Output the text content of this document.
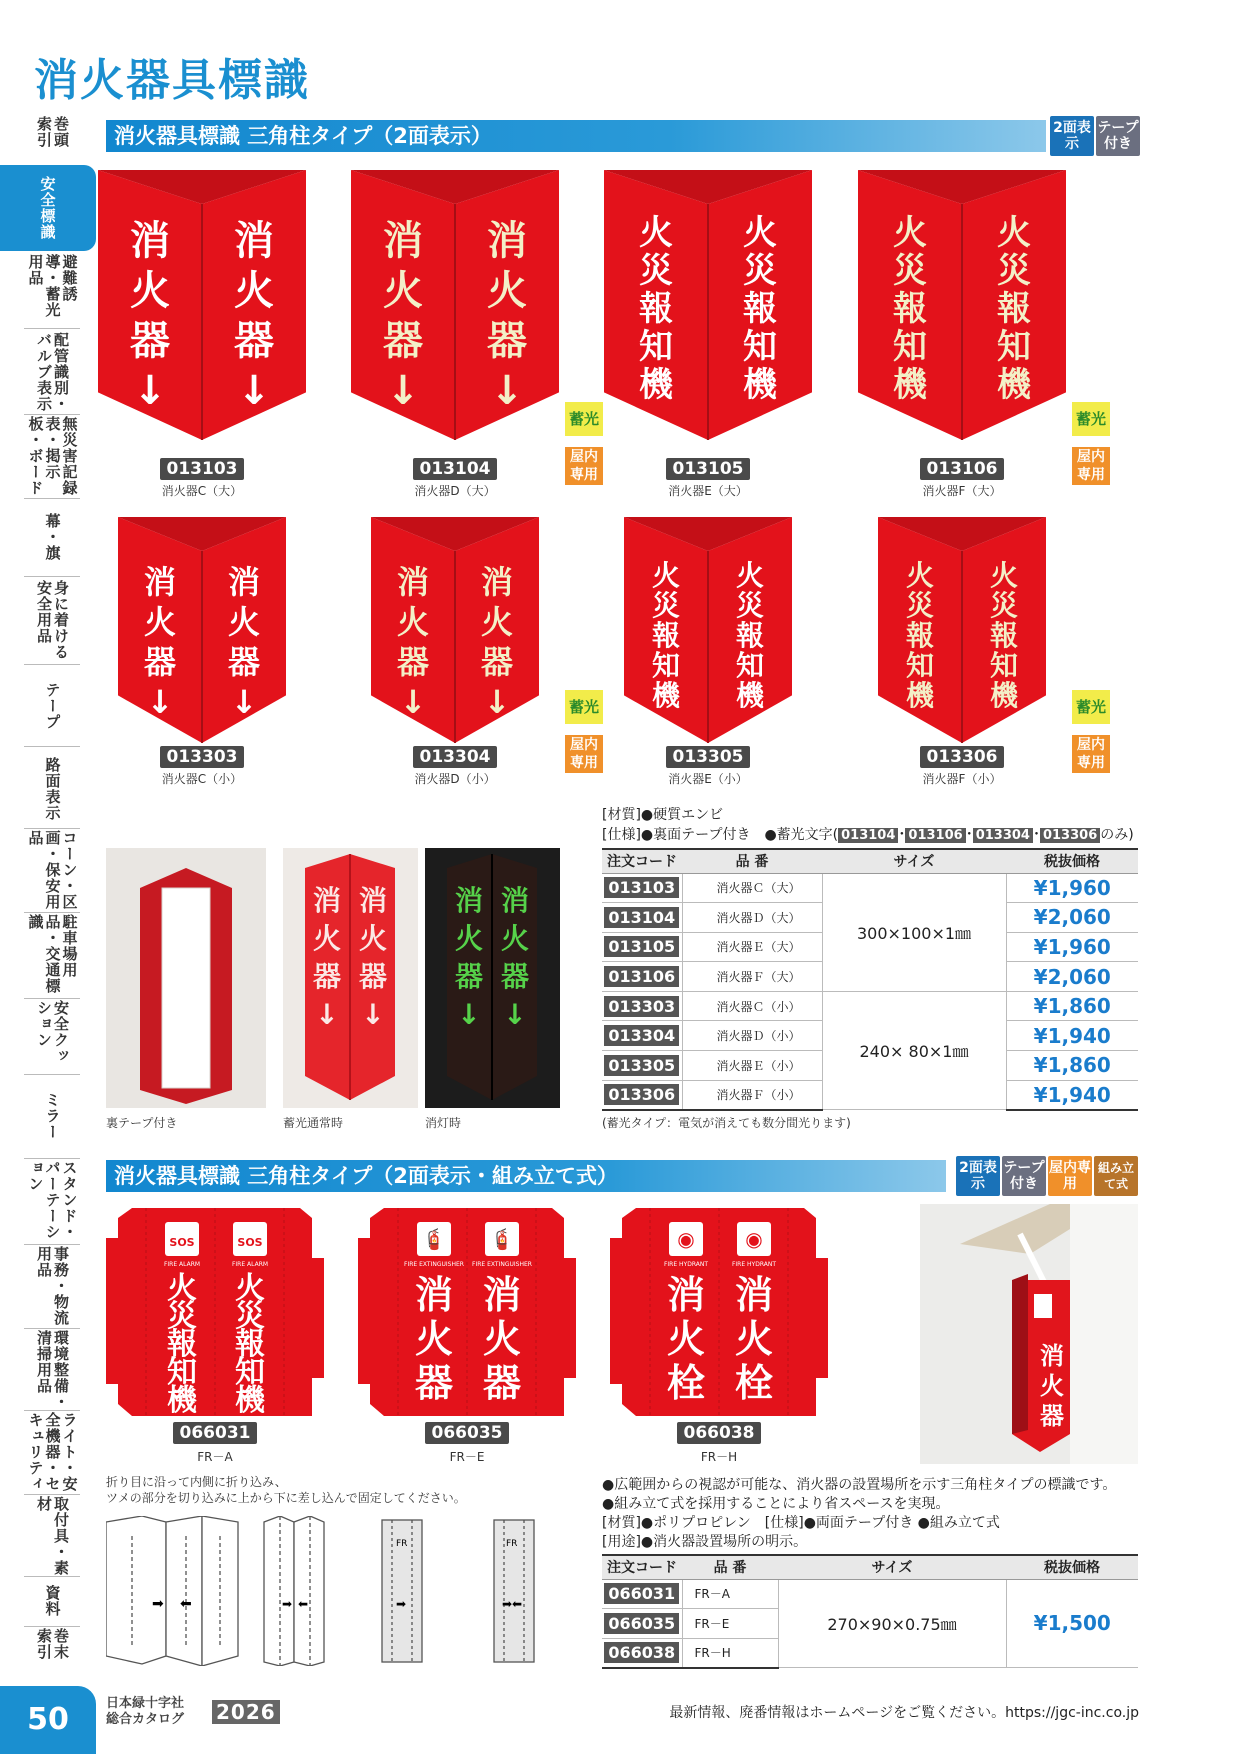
消火器具標識
巻頭索引
安全標識
避難誘導・蓄光用品
配管識別・バルブ表示
無災害記録表・掲示板・ボード
幕・旗
身に着ける安全用品
テープ
路面表示
コーン・区画・保安用品
駐車場用品・交通標識
安全クッション
ミラー
スタンド・パーテーション
事務・物流用品
環境整備・清掃用品
ライト・安全機器・セキュリティ
取付具・素材
資料
巻末索引
消火器具標識 三角柱タイプ（2面表示）	2面表示
テープ付き
消
火
器
↓
消
火
器
↓
013103
消火器C（大）
消
火
器
↓
消
火
器
↓
013104
消火器D（大）
火
災
報
知
機
火
災
報
知
機
013105
消火器E（大）
火
災
報
知
機
火
災
報
知
機
013106
消火器F（大）
消
火
器
↓
消
火
器
↓
013303
消火器C（小）
消
火
器
↓
消
火
器
↓
013304
消火器D（小）
火
災
報
知
機
火
災
報
知
機
013305
消火器E（小）
火
災
報
知
機
火
災
報
知
機
013306
消火器F（小）
蓄光
屋内専用
蓄光
屋内専用
蓄光
屋内専用
蓄光
屋内専用
[材質]●硬質エンビ
[仕様]●裏面テープ付き　●蓄光文字( 013104 ･ 013106 ･ 013304 ･ 013306 のみ)
裏テープ付き
消
火
器
↓
消
火
器
↓
蓄光通常時
消
火
器
↓
消
火
器
↓
消灯時
注文コード	品 番	サイズ	税抜価格
013103	消火器Ｃ（大）	300×100×1㎜	¥1,960
013104	消火器Ｄ（大）		¥2,060
013105	消火器Ｅ（大）		¥1,960
013106	消火器Ｆ（大）		¥2,060
013303	消火器Ｃ（小）	240× 80×1㎜	¥1,860
013304	消火器Ｄ（小）		¥1,940
013305	消火器Ｅ（小）		¥1,860
013306	消火器Ｆ（小）		¥1,940
(蓄光タイプ：電気が消えても数分間光ります)
消火器具標識 三角柱タイプ（2面表示・組み立て式）	2面表示
テープ付き
屋内専用
組み立て式
SOS
FIRE ALARM
火
災
報
知
機
SOS
FIRE ALARM
火
災
報
知
機
066031
FR－A
🧯
FIRE EXTINGUISHER
消
火
器
🧯
FIRE EXTINGUISHER
消
火
器
066035
FR－E
◉
FIRE HYDRANT
消
火
栓
◉
FIRE HYDRANT
消
火
栓
066038
FR－H
消
火
器
折り目に沿って内側に折り込み、
ツメの部分を切り込みに上から下に差し込んで固定してください。
➡ ⬅	➡ ⬅
FR
➡
FR
➡⬅
●広範囲からの視認が可能な、消火器の設置場所を示す三角柱タイプの標識です。
●組み立て式を採用することにより省スペースを実現。
[材質]●ポリプロピレン　[仕様]●両面テープ付き ●組み立て式
[用途]●消火器設置場所の明示。
注文コード	品 番	サイズ	税抜価格
066031	FR－A	270×90×0.75㎜	¥1,500
066035	FR－E		
066038	FR－H		
50	日本緑十字社
総合カタログ 2026	最新情報、廃番情報はホームページをご覧ください。https://jgc-inc.co.jp
